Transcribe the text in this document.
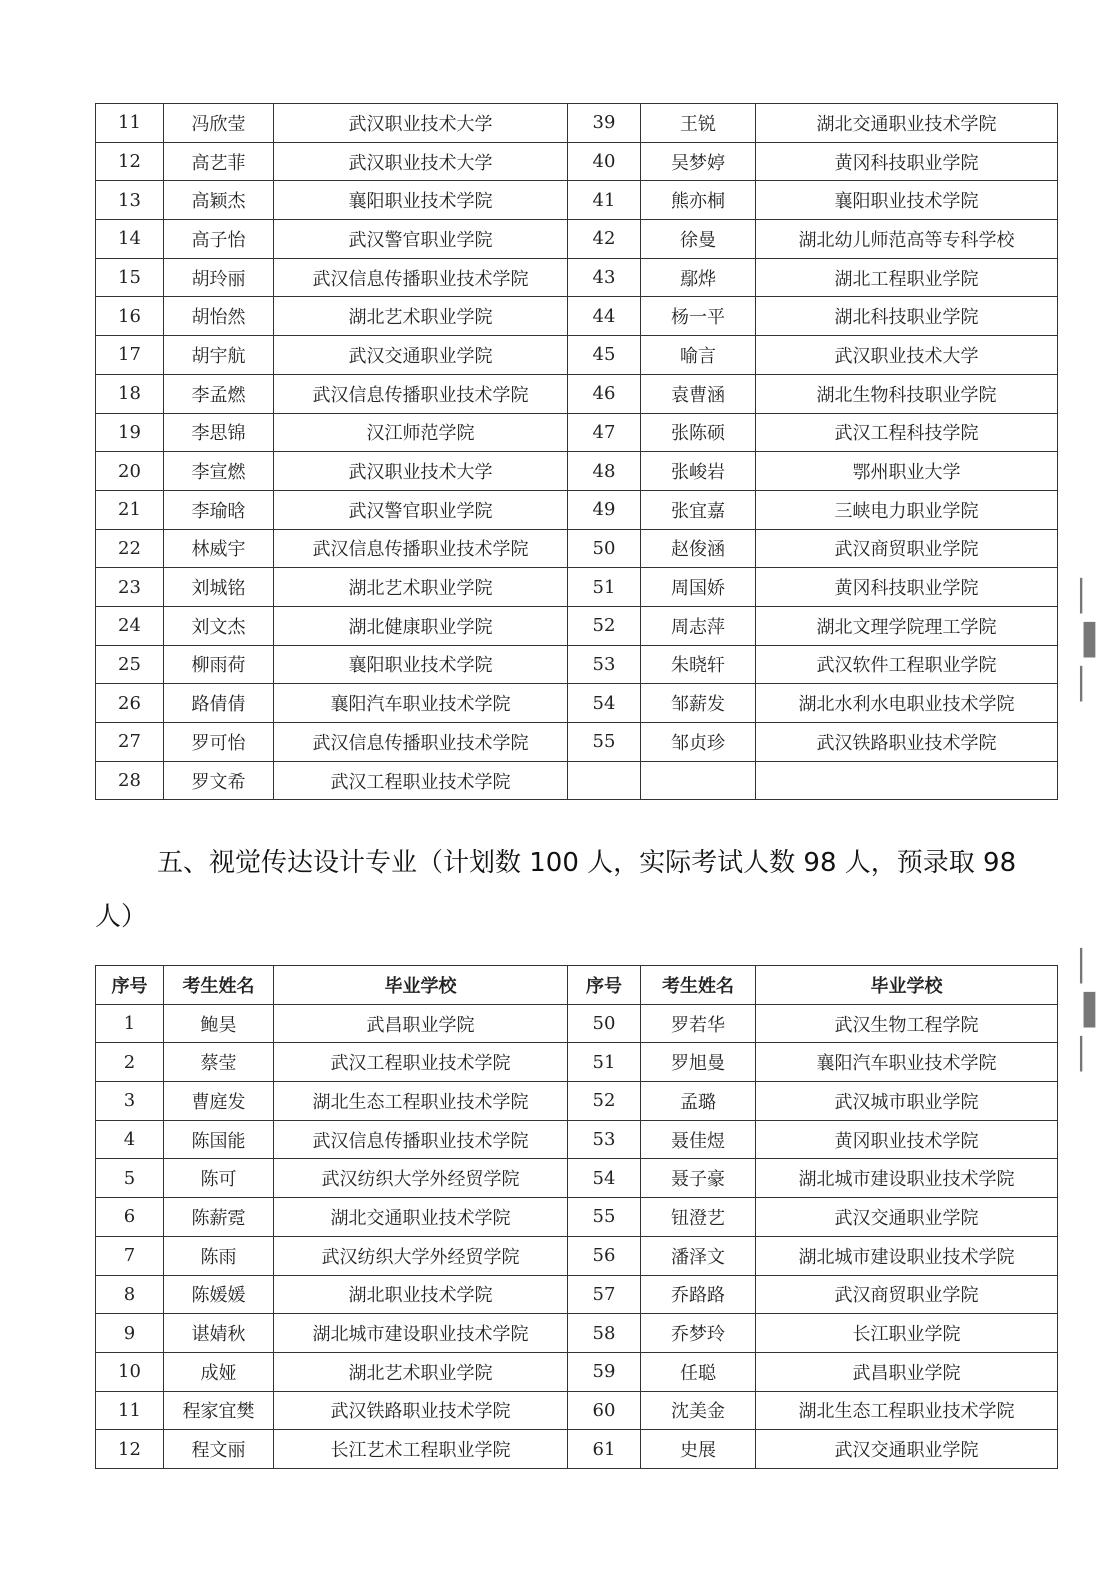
11	冯欣莹	武汉职业技术大学	39	王锐	湖北交通职业技术学院
12	高艺菲	武汉职业技术大学	40	吴梦婷	黄冈科技职业学院
13	高颖杰	襄阳职业技术学院	41	熊亦桐	襄阳职业技术学院
14	高子怡	武汉警官职业学院	42	徐曼	湖北幼儿师范高等专科学校
15	胡玲丽	武汉信息传播职业技术学院	43	鄢烨	湖北工程职业学院
16	胡怡然	湖北艺术职业学院	44	杨一平	湖北科技职业学院
17	胡宇航	武汉交通职业学院	45	喻言	武汉职业技术大学
18	李孟燃	武汉信息传播职业技术学院	46	袁曹涵	湖北生物科技职业学院
19	李思锦	汉江师范学院	47	张陈硕	武汉工程科技学院
20	李宣燃	武汉职业技术大学	48	张峻岩	鄂州职业大学
21	李瑜晗	武汉警官职业学院	49	张宜嘉	三峡电力职业学院
22	林威宇	武汉信息传播职业技术学院	50	赵俊涵	武汉商贸职业学院
23	刘城铭	湖北艺术职业学院	51	周国娇	黄冈科技职业学院
24	刘文杰	湖北健康职业学院	52	周志萍	湖北文理学院理工学院
25	柳雨荷	襄阳职业技术学院	53	朱晓轩	武汉软件工程职业学院
26	路倩倩	襄阳汽车职业技术学院	54	邹薪发	湖北水利水电职业技术学院
27	罗可怡	武汉信息传播职业技术学院	55	邹贞珍	武汉铁路职业技术学院
28	罗文希	武汉工程职业技术学院			
五、视觉传达设计专业（计划数 100 人，实际考试人数 98 人，预录取 98 人）
序号	考生姓名	毕业学校	序号	考生姓名	毕业学校
1	鲍昊	武昌职业学院	50	罗若华	武汉生物工程学院
2	蔡莹	武汉工程职业技术学院	51	罗旭曼	襄阳汽车职业技术学院
3	曹庭发	湖北生态工程职业技术学院	52	孟璐	武汉城市职业学院
4	陈国能	武汉信息传播职业技术学院	53	聂佳煜	黄冈职业技术学院
5	陈可	武汉纺织大学外经贸学院	54	聂子豪	湖北城市建设职业技术学院
6	陈薪霓	湖北交通职业技术学院	55	钮澄艺	武汉交通职业学院
7	陈雨	武汉纺织大学外经贸学院	56	潘泽文	湖北城市建设职业技术学院
8	陈媛媛	湖北职业技术学院	57	乔路路	武汉商贸职业学院
9	谌婧秋	湖北城市建设职业技术学院	58	乔梦玲	长江职业学院
10	成娅	湖北艺术职业学院	59	任聪	武昌职业学院
11	程家宜樊	武汉铁路职业技术学院	60	沈美金	湖北生态工程职业技术学院
12	程文丽	长江艺术工程职业学院	61	史展	武汉交通职业学院
│
▐
│
│
▐
│
